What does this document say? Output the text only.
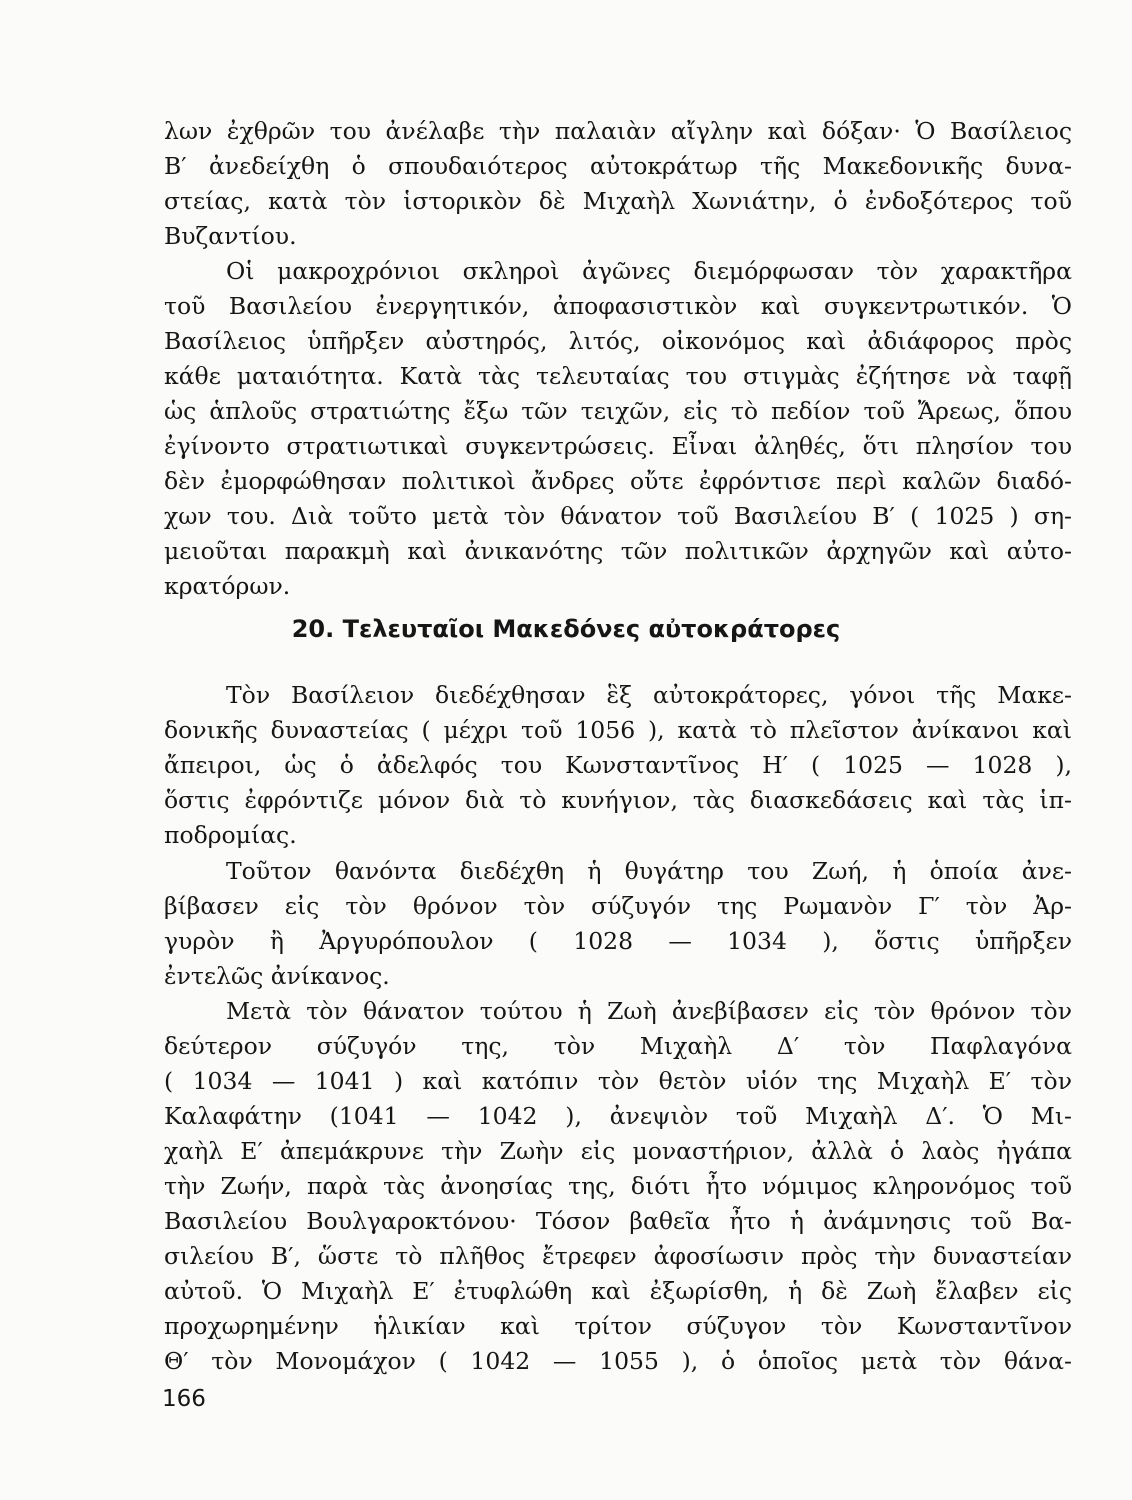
λων ἐχθρῶν του ἀνέλαβε τὴν παλαιὰν αἴγλην καὶ δόξαν· Ὁ Βασίλειος
Β′ ἀνεδείχθη ὁ σπουδαιότερος αὐτοκράτωρ τῆς Μακεδονικῆς δυνα-
στείας, κατὰ τὸν ἱστορικὸν δὲ Μιχαὴλ Χωνιάτην, ὁ ἐνδοξότερος τοῦ
Βυζαντίου.
Οἱ μακροχρόνιοι σκληροὶ ἀγῶνες διεμόρφωσαν τὸν χαρακτῆρα
τοῦ Βασιλείου ἐνεργητικόν, ἀποφασιστικὸν καὶ συγκεντρωτικόν. Ὁ
Βασίλειος ὑπῆρξεν αὐστηρός, λιτός, οἰκονόμος καὶ ἀδιάφορος πρὸς
κάθε ματαιότητα. Κατὰ τὰς τελευταίας του στιγμὰς ἐζήτησε νὰ ταφῇ
ὡς ἁπλοῦς στρατιώτης ἔξω τῶν τειχῶν, εἰς τὸ πεδίον τοῦ Ἄρεως, ὅπου
ἐγίνοντο στρατιωτικαὶ συγκεντρώσεις. Εἶναι ἀληθές, ὅτι πλησίον του
δὲν ἐμορφώθησαν πολιτικοὶ ἄνδρες οὔτε ἐφρόντισε περὶ καλῶν διαδό-
χων του. Διὰ τοῦτο μετὰ τὸν θάνατον τοῦ Βασιλείου Β′ ( 1025 ) ση-
μειοῦται παρακμὴ καὶ ἀνικανότης τῶν πολιτικῶν ἀρχηγῶν καὶ αὐτο-
κρατόρων.
20. Τελευταῖοι Μακεδόνες αὐτοκράτορες
Τὸν Βασίλειον διεδέχθησαν ἓξ αὐτοκράτορες, γόνοι τῆς Μακε-
δονικῆς δυναστείας ( μέχρι τοῦ 1056 ), κατὰ τὸ πλεῖστον ἀνίκανοι καὶ
ἄπειροι, ὡς ὁ ἀδελφός του Κωνσταντῖνος Η′ ( 1025 — 1028 ),
ὅστις ἐφρόντιζε μόνον διὰ τὸ κυνήγιον, τὰς διασκεδάσεις καὶ τὰς ἱπ-
ποδρομίας.
Τοῦτον θανόντα διεδέχθη ἡ θυγάτηρ του Ζωή, ἡ ὁποία ἀνε-
βίβασεν εἰς τὸν θρόνον τὸν σύζυγόν της Ρωμανὸν Γ′ τὸν Ἀρ-
γυρὸν ἢ Ἀργυρόπουλον ( 1028 — 1034 ), ὅστις ὑπῆρξεν
ἐντελῶς ἀνίκανος.
Μετὰ τὸν θάνατον τούτου ἡ Ζωὴ ἀνεβίβασεν εἰς τὸν θρόνον τὸν
δεύτερον σύζυγόν της, τὸν Μιχαὴλ Δ′ τὸν Παφλαγόνα
( 1034 — 1041 ) καὶ κατόπιν τὸν θετὸν υἱόν της Μιχαὴλ Ε′ τὸν
Καλαφάτην (1041 — 1042 ), ἀνεψιὸν τοῦ Μιχαὴλ Δ′. Ὁ Μι-
χαὴλ Ε′ ἀπεμάκρυνε τὴν Ζωὴν εἰς μοναστήριον, ἀλλὰ ὁ λαὸς ἠγάπα
τὴν Ζωήν, παρὰ τὰς ἀνοησίας της, διότι ἦτο νόμιμος κληρονόμος τοῦ
Βασιλείου Βουλγαροκτόνου· Τόσον βαθεῖα ἦτο ἡ ἀνάμνησις τοῦ Βα-
σιλείου Β′, ὥστε τὸ πλῆθος ἔτρεφεν ἀφοσίωσιν πρὸς τὴν δυναστείαν
αὐτοῦ. Ὁ Μιχαὴλ Ε′ ἐτυφλώθη καὶ ἐξωρίσθη, ἡ δὲ Ζωὴ ἔλαβεν εἰς
προχωρημένην ἡλικίαν καὶ τρίτον σύζυγον τὸν Κωνσταντῖνον
Θ′ τὸν Μονομάχον ( 1042 — 1055 ), ὁ ὁποῖος μετὰ τὸν θάνα-
166
